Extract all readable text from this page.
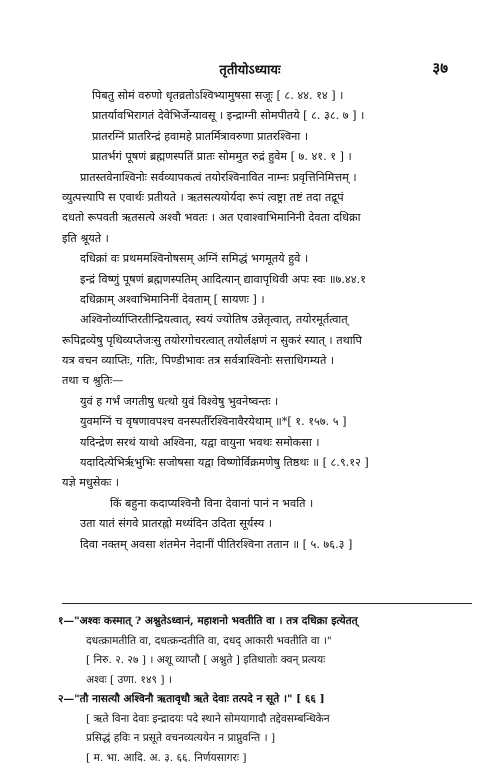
तृतीयोऽध्यायः	३७
पिबतु सोमं वरुणो धृतव्रतोऽश्विभ्यामुषसा सजूः [ ८. ४४. १४ ] ।
प्रातर्यावभिरागतं देवेभिर्जेन्यावसू । इन्द्राग्नी सोमपीतये [ ८. ३८. ७ ] ।
प्रातरग्निं प्रातरिन्द्रं हवामहे प्रातर्मित्रावरुणा प्रातरश्विना ।
प्रातर्भगं पूषणं ब्रह्मणस्पतिं प्रातः सोममुत रुद्रं हुवेम [ ७. ४१. १ ] ।
प्रातस्तवेनाश्विनोः सर्वव्यापकत्वं तयोरश्विनावित नाम्नः प्रवृत्तिनिमित्तम् ।
व्युत्पत्त्यापि स एवार्थः प्रतीयते । ऋतसत्ययोर्यदा रूपं त्वष्ट्रा तष्टं तदा तद्रूपं
दधतो रूपवती ऋतसत्ये अश्वौ भवतः । अत एवाश्वाभिमानिनी देवता दधिक्रा
इति श्रूयते ।
दधिक्रां वः प्रथममश्विनोषसम् अग्निं समिद्धं भगमूतये हुवे ।
इन्द्रं विष्णुं पूषणं ब्रह्मणस्पतिम् आदित्यान् द्यावापृथिवी अपः स्वः ॥७.४४.१
दधिक्राम् अश्वाभिमानिनीं देवताम् [ सायणः ] ।
अश्विनोर्व्याप्तिरतीन्द्रियत्वात्, स्वयं ज्योतिष उन्नेतृत्वात्, तयोरमूर्तत्वात्
रूपिद्रव्येषु पृथिव्यप्तेजःसु तयोरगोचरत्वात् तयोर्लक्षणं न सुकरं स्यात् । तथापि
यत्र वचन व्याप्तिः, गतिः, पिण्डीभावः तत्र सर्वत्राश्विनोः सत्ताधिगम्यते ।
तथा च श्रुतिः—
युवं ह गर्भं जगतीषु धत्थो युवं विश्वेषु भुवनेष्वन्तः ।
युवमग्निं च वृषणावपश्च वनस्पतीँरश्विनावैरयेथाम् ॥*[ १. १५७. ५ ]
यदिन्द्रेण सरथं याथो अश्विना, यद्वा वायुना भवथः समोकसा ।
यदादित्येभिर्ऋभुभिः सजोषसा यद्वा विष्णोर्विक्रमणेषु तिष्ठथः ॥ [ ८.९.१२ ]
यज्ञे मधुसेकः ।
किं बहुना कदाप्यश्विनौ विना देवानां पानं न भवति ।
उता यातं संगवे प्रातरह्नो मध्यंदिन उदिता सूर्यस्य ।
दिवा नक्तम् अवसा शंतमेन नेदानीं पीतिरश्विना ततान ॥ [ ५. ७६.३ ]
१—"अश्वः कस्मात् ? अश्नुतेऽध्वानं, महाशनो भवतीति वा । तत्र दधिक्रा इत्येतत्
दधत्क्रामतीति वा, दधत्क्रन्दतीति वा, दधद् आकारी भवतीति वा ।"
[ निरु. २. २७ ] । अशू व्याप्तौ [ अश्नुते ] इतिधातोः क्वन् प्रत्ययः
अश्वः [ उणा. १४९ ] ।
२—"तौ नासत्यौ अश्विनौ ऋतावृधौ ऋते देवाः तत्पदे न सूते ।" [ ६६ ]
[ ऋते विना देवाः इन्द्रादयः पदे स्थाने सोमयागादौ तद्देवसम्बन्धिकेन
प्रसिद्धं हविः न प्रसूते वचनव्यत्ययेन न प्राप्नुवन्ति । ]
[ म. भा. आदि. अ. ३. ६६. निर्णयसागरः ]
